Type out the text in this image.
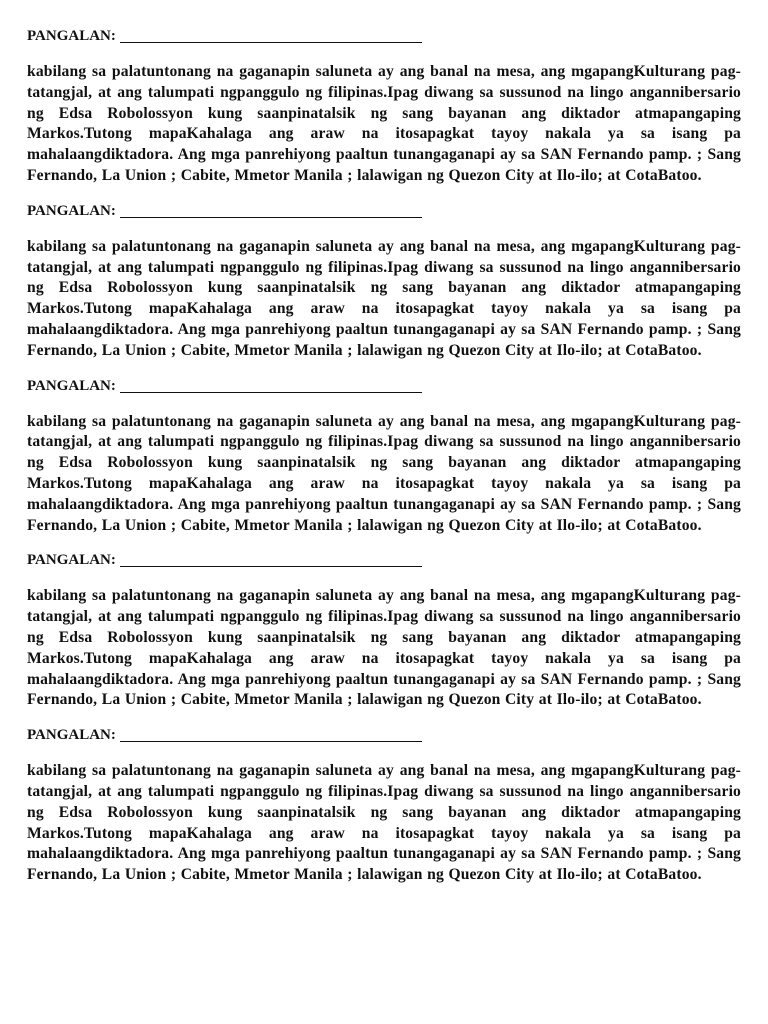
PANGALAN:

kabilang sa palatuntonang na gaganapin saluneta ay ang banal na mesa, ang mgapangKulturang pag-tatangjal, at ang talumpati ngpanggulo ng filipinas.Ipag diwang sa sussunod na lingo angannibersario ng Edsa Robolossyon kung saanpinatalsik ng sang bayanan ang diktador atmapangaping Markos.Tutong mapaKahalaga ang araw na itosapagkat tayoy nakala ya sa isang pa mahalaangdiktadora. Ang mga panrehiyong paaltun tunangaganapi ay sa SAN Fernando pamp. ; Sang Fernando, La Union ; Cabite, Mmetor Manila ; lalawigan ng Quezon City at Ilo-ilo; at CotaBatoo.

PANGALAN:

kabilang sa palatuntonang na gaganapin saluneta ay ang banal na mesa, ang mgapangKulturang pag-tatangjal, at ang talumpati ngpanggulo ng filipinas.Ipag diwang sa sussunod na lingo angannibersario ng Edsa Robolossyon kung saanpinatalsik ng sang bayanan ang diktador atmapangaping Markos.Tutong mapaKahalaga ang araw na itosapagkat tayoy nakala ya sa isang pa mahalaangdiktadora. Ang mga panrehiyong paaltun tunangaganapi ay sa SAN Fernando pamp. ; Sang Fernando, La Union ; Cabite, Mmetor Manila ; lalawigan ng Quezon City at Ilo-ilo; at CotaBatoo.

PANGALAN:

kabilang sa palatuntonang na gaganapin saluneta ay ang banal na mesa, ang mgapangKulturang pag-tatangjal, at ang talumpati ngpanggulo ng filipinas.Ipag diwang sa sussunod na lingo angannibersario ng Edsa Robolossyon kung saanpinatalsik ng sang bayanan ang diktador atmapangaping Markos.Tutong mapaKahalaga ang araw na itosapagkat tayoy nakala ya sa isang pa mahalaangdiktadora. Ang mga panrehiyong paaltun tunangaganapi ay sa SAN Fernando pamp. ; Sang Fernando, La Union ; Cabite, Mmetor Manila ; lalawigan ng Quezon City at Ilo-ilo; at CotaBatoo.

PANGALAN:

kabilang sa palatuntonang na gaganapin saluneta ay ang banal na mesa, ang mgapangKulturang pag-tatangjal, at ang talumpati ngpanggulo ng filipinas.Ipag diwang sa sussunod na lingo angannibersario ng Edsa Robolossyon kung saanpinatalsik ng sang bayanan ang diktador atmapangaping Markos.Tutong mapaKahalaga ang araw na itosapagkat tayoy nakala ya sa isang pa mahalaangdiktadora. Ang mga panrehiyong paaltun tunangaganapi ay sa SAN Fernando pamp. ; Sang Fernando, La Union ; Cabite, Mmetor Manila ; lalawigan ng Quezon City at Ilo-ilo; at CotaBatoo.

PANGALAN:

kabilang sa palatuntonang na gaganapin saluneta ay ang banal na mesa, ang mgapangKulturang pag-tatangjal, at ang talumpati ngpanggulo ng filipinas.Ipag diwang sa sussunod na lingo angannibersario ng Edsa Robolossyon kung saanpinatalsik ng sang bayanan ang diktador atmapangaping Markos.Tutong mapaKahalaga ang araw na itosapagkat tayoy nakala ya sa isang pa mahalaangdiktadora. Ang mga panrehiyong paaltun tunangaganapi ay sa SAN Fernando pamp. ; Sang Fernando, La Union ; Cabite, Mmetor Manila ; lalawigan ng Quezon City at Ilo-ilo; at CotaBatoo.
